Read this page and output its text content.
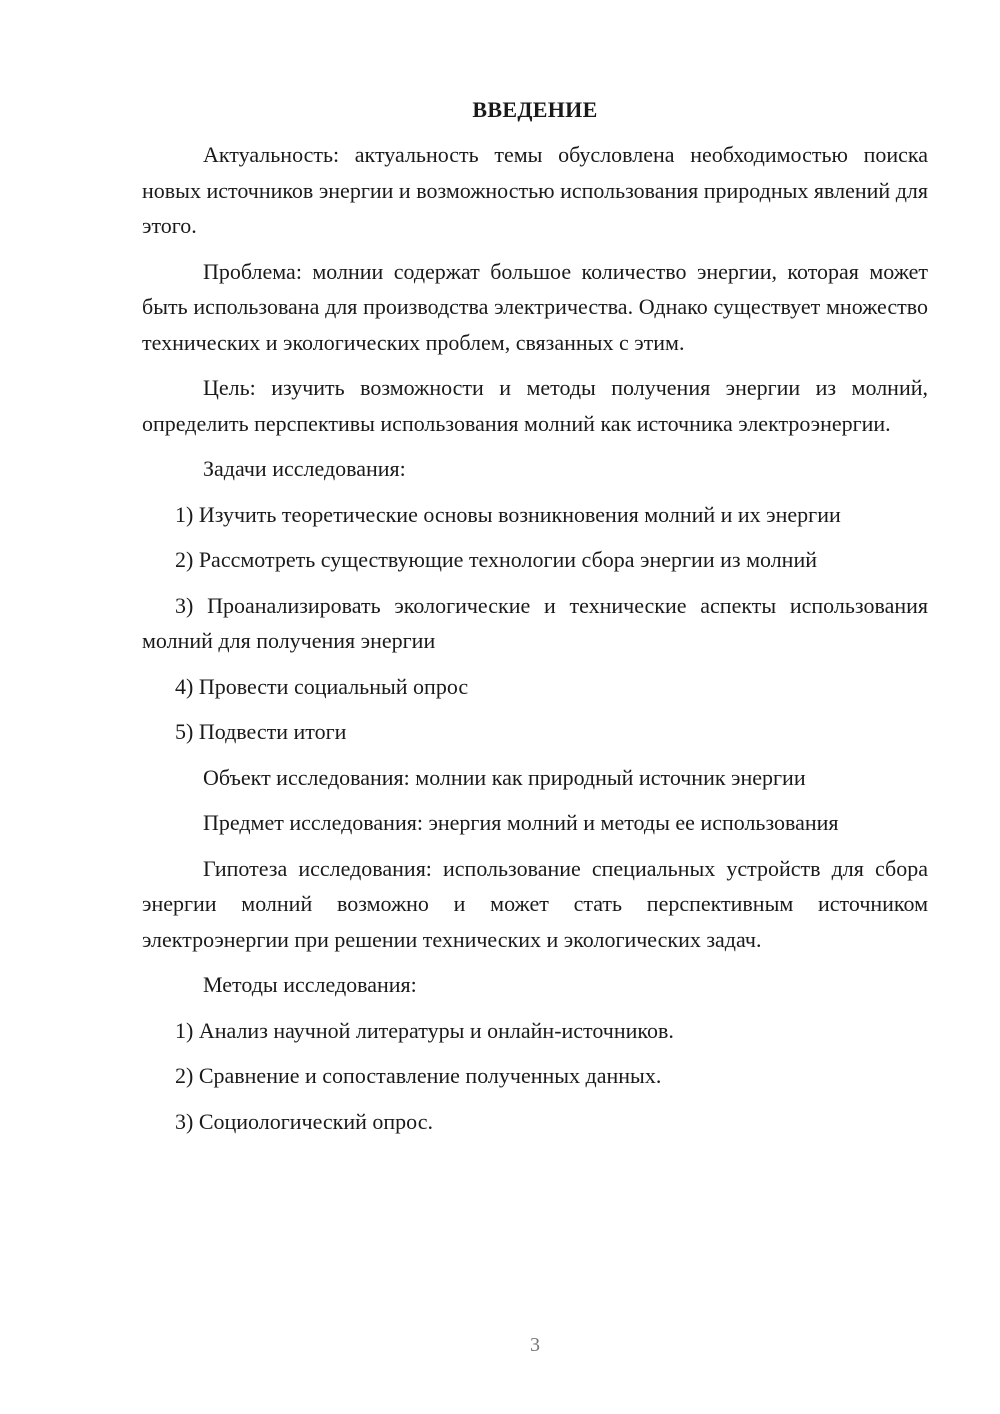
ВВЕДЕНИЕ

Актуальность: актуальность темы обусловлена необходимостью поиска новых источников энергии и возможностью использования природных явлений для этого.

Проблема: молнии содержат большое количество энергии, которая может быть использована для производства электричества. Однако существует множество технических и экологических проблем, связанных с этим.

Цель: изучить возможности и методы получения энергии из молний, определить перспективы использования молний как источника электроэнергии.

Задачи исследования:

1) Изучить теоретические основы возникновения молний и их энергии

2) Рассмотреть существующие технологии сбора энергии из молний

3) Проанализировать экологические и технические аспекты использования молний для получения энергии

4) Провести социальный опрос

5) Подвести итоги

Объект исследования: молнии как природный источник энергии

Предмет исследования: энергия молний и методы ее использования

Гипотеза исследования: использование специальных устройств для сбора энергии молний возможно и может стать перспективным источником электроэнергии при решении технических и экологических задач.

Методы исследования:

1) Анализ научной литературы и онлайн-источников.

2) Сравнение и сопоставление полученных данных.

3) Социологический опрос.

3
